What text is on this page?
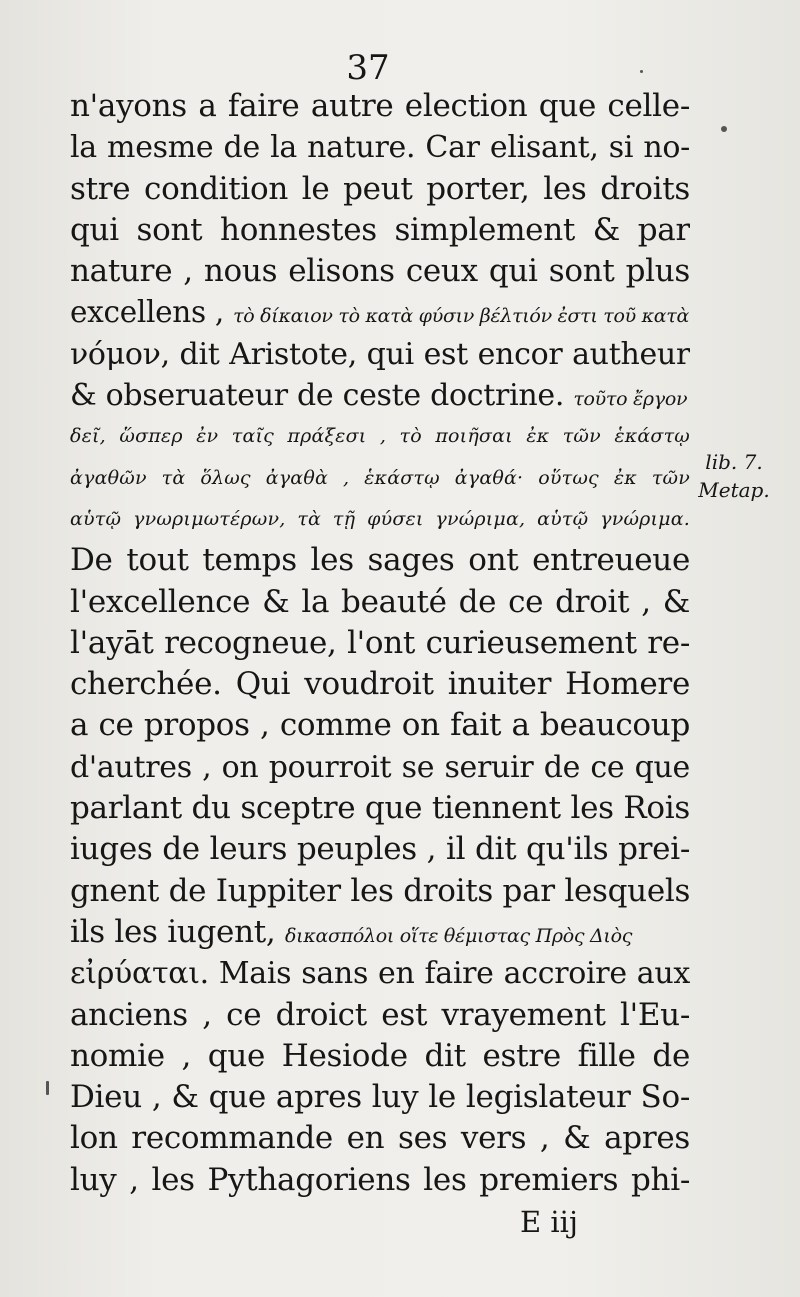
37
n'ayons a faire autre election que celle-
la mesme de la nature. Car elisant, si no-
stre condition le peut porter, les droits
qui sont honnestes simplement & par
nature , nous elisons ceux qui sont plus
excellens , τὸ δίκαιον τὸ κατὰ φύσιν βέλτιόν ἐστι τοῦ κατὰ
νόμον, dit Aristote, qui est encor autheur
& obseruateur de ceste doctrine. τοῦτο ἔργον
δεῖ, ὥσπερ ἐν ταῖς πράξεσι , τὸ ποιῆσαι ἐκ τῶν ἑκάστῳ
ἀγαθῶν τὰ ὅλως ἀγαθὰ , ἑκάστῳ ἀγαθά· οὕτως ἐκ τῶν
αὑτῷ γνωριμωτέρων, τὰ τῇ φύσει γνώριμα, αὑτῷ γνώριμα.
De tout temps les sages ont entreueue
l'excellence & la beauté de ce droit , &
l'ayāt recogneue, l'ont curieusement re-
cherchée. Qui voudroit inuiter Homere
a ce propos , comme on fait a beaucoup
d'autres , on pourroit se seruir de ce que
parlant du sceptre que tiennent les Rois
iuges de leurs peuples , il dit qu'ils prei-
gnent de Iuppiter les droits par lesquels
ils les iugent, δικασπόλοι οἵτε θέμιστας Πρὸς Διὸς
εἰρύαται. Mais sans en faire accroire aux
anciens , ce droict est vrayement l'Eu-
nomie , que Hesiode dit estre fille de
Dieu , & que apres luy le legislateur So-
lon recommande en ses vers , & apres
luy , les Pythagoriens les premiers phi-
lib. 7.
Metap.
E iij
